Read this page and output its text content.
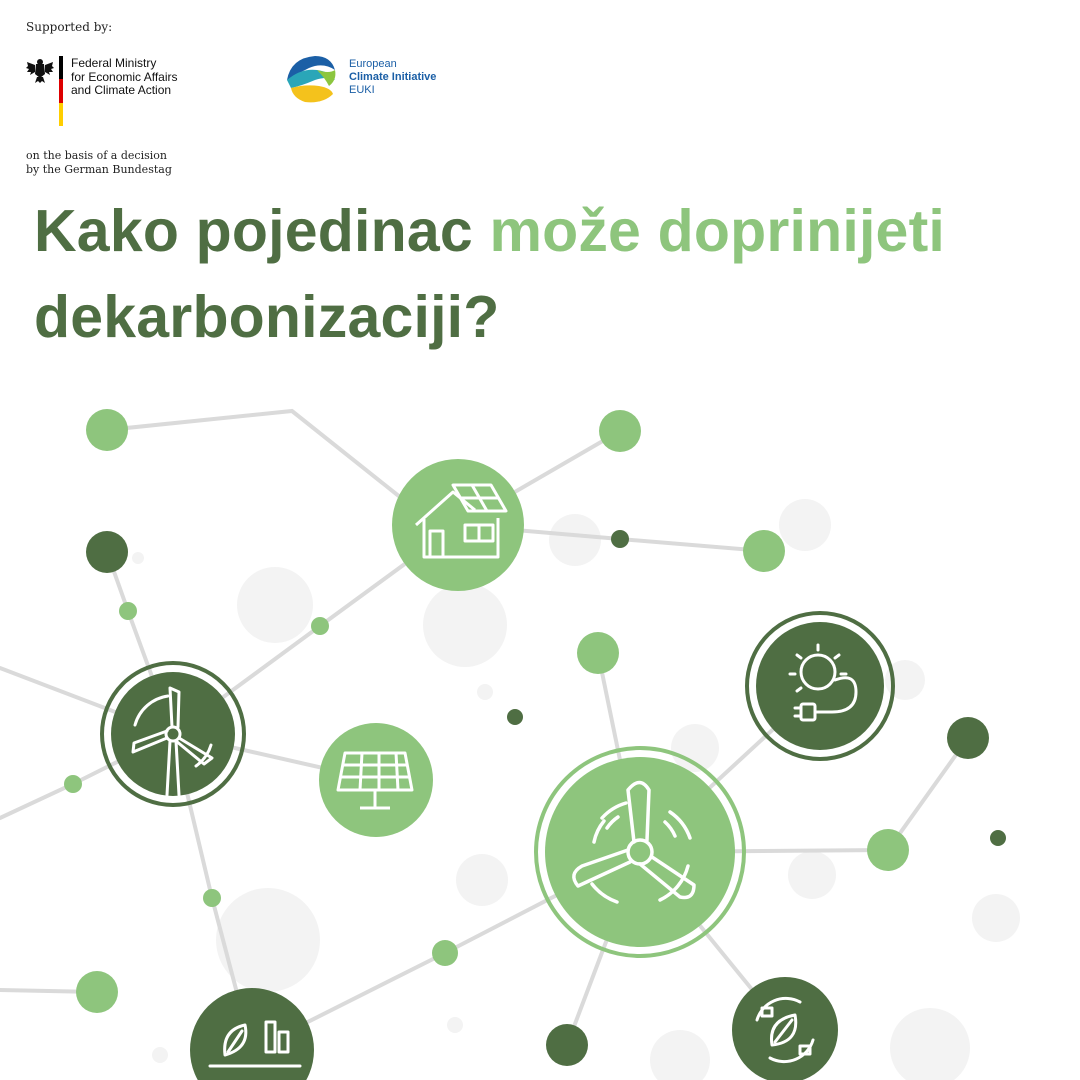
Supported by:
Federal Ministry
for Economic Affairs
and Climate Action
European
Climate Initiative
EUKI
on the basis of a decision
by the German Bundestag
Kako pojedinac može doprinijeti
dekarbonizaciji?
